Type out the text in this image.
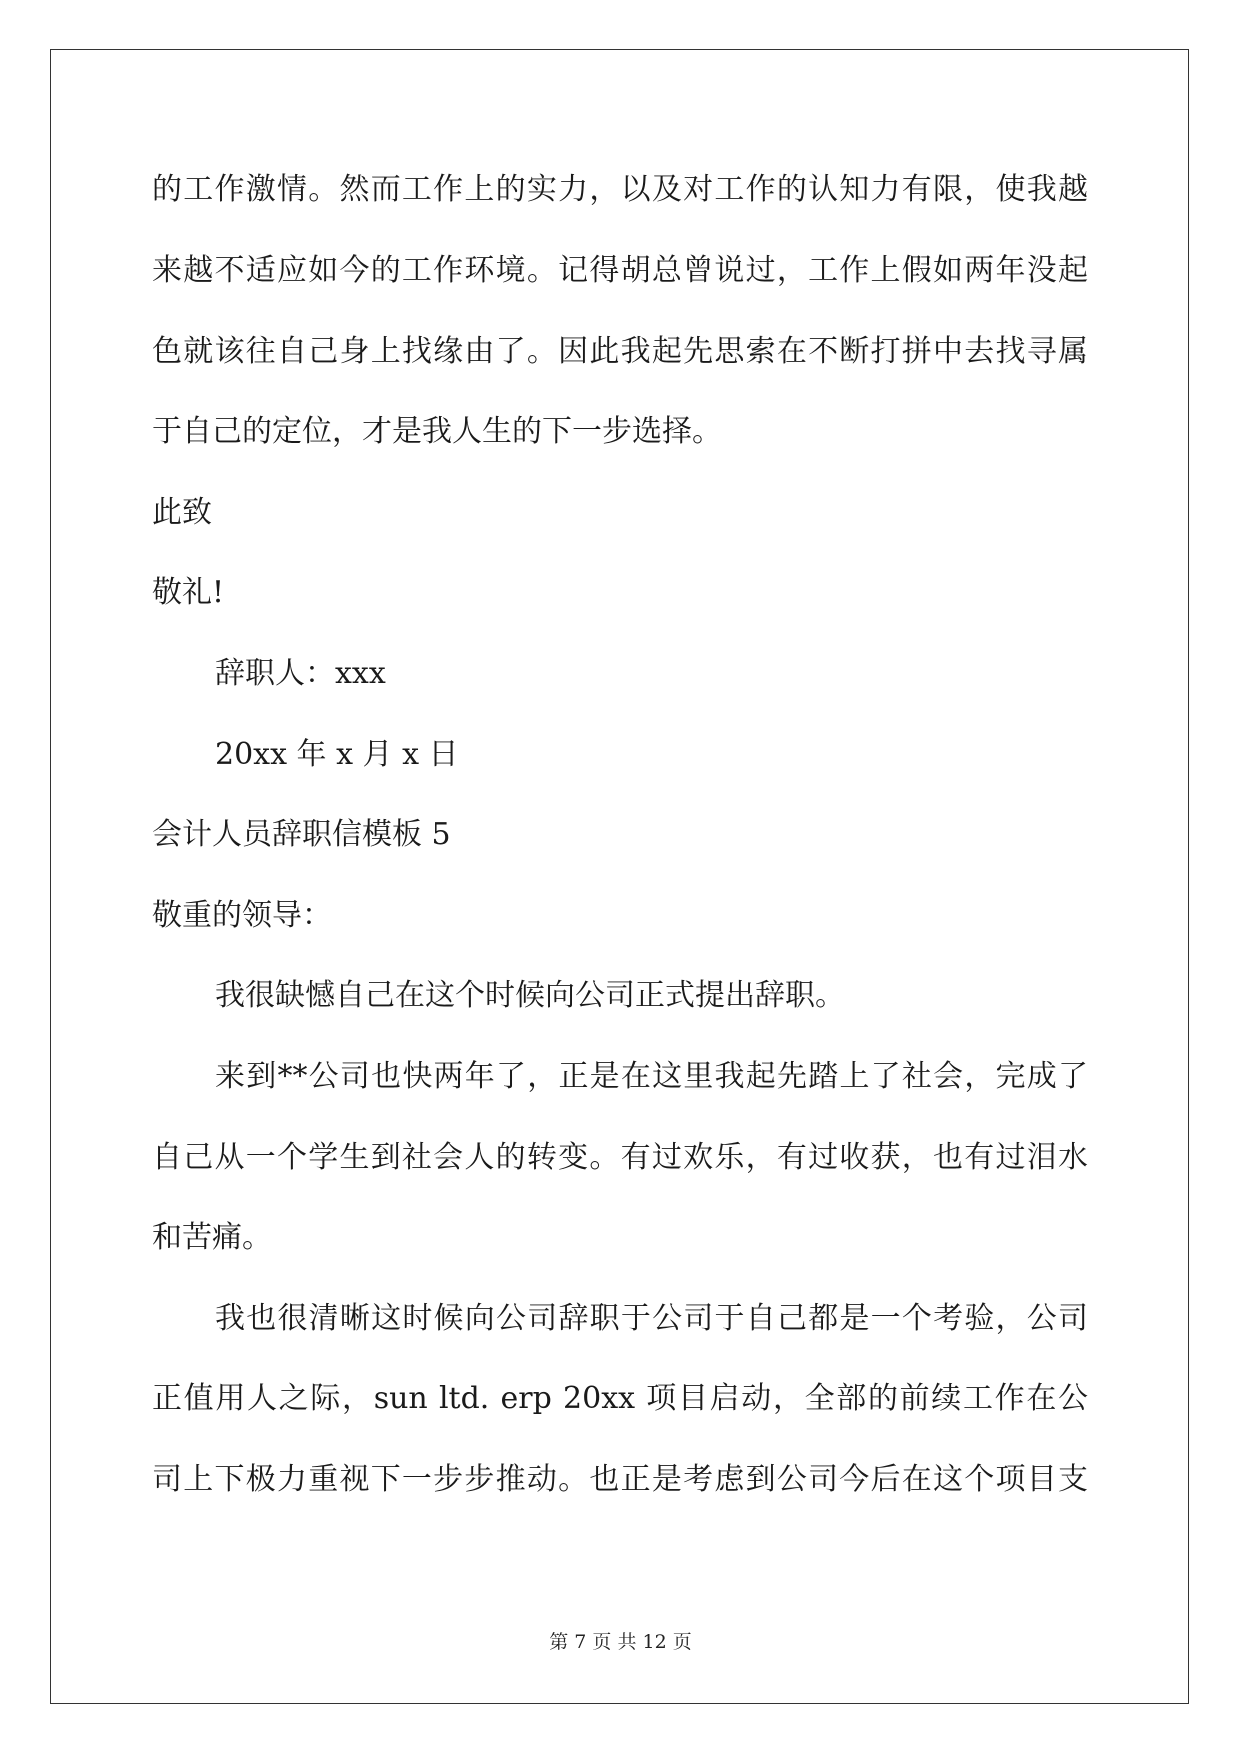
的工作激情。然而工作上的实力，以及对工作的认知力有限，使我越
来越不适应如今的工作环境。记得胡总曾说过，工作上假如两年没起
色就该往自己身上找缘由了。因此我起先思索在不断打拼中去找寻属
于自己的定位，才是我人生的下一步选择。
此致
敬礼!
辞职人：xxx
20xx 年 x 月 x 日
会计人员辞职信模板 5
敬重的领导：
我很缺憾自己在这个时候向公司正式提出辞职。
来到**公司也快两年了，正是在这里我起先踏上了社会，完成了
自己从一个学生到社会人的转变。有过欢乐，有过收获，也有过泪水
和苦痛。
我也很清晰这时候向公司辞职于公司于自己都是一个考验，公司
正值用人之际，sun ltd. erp 20xx 项目启动，全部的前续工作在公
司上下极力重视下一步步推动。也正是考虑到公司今后在这个项目支
第 7 页 共 12 页
